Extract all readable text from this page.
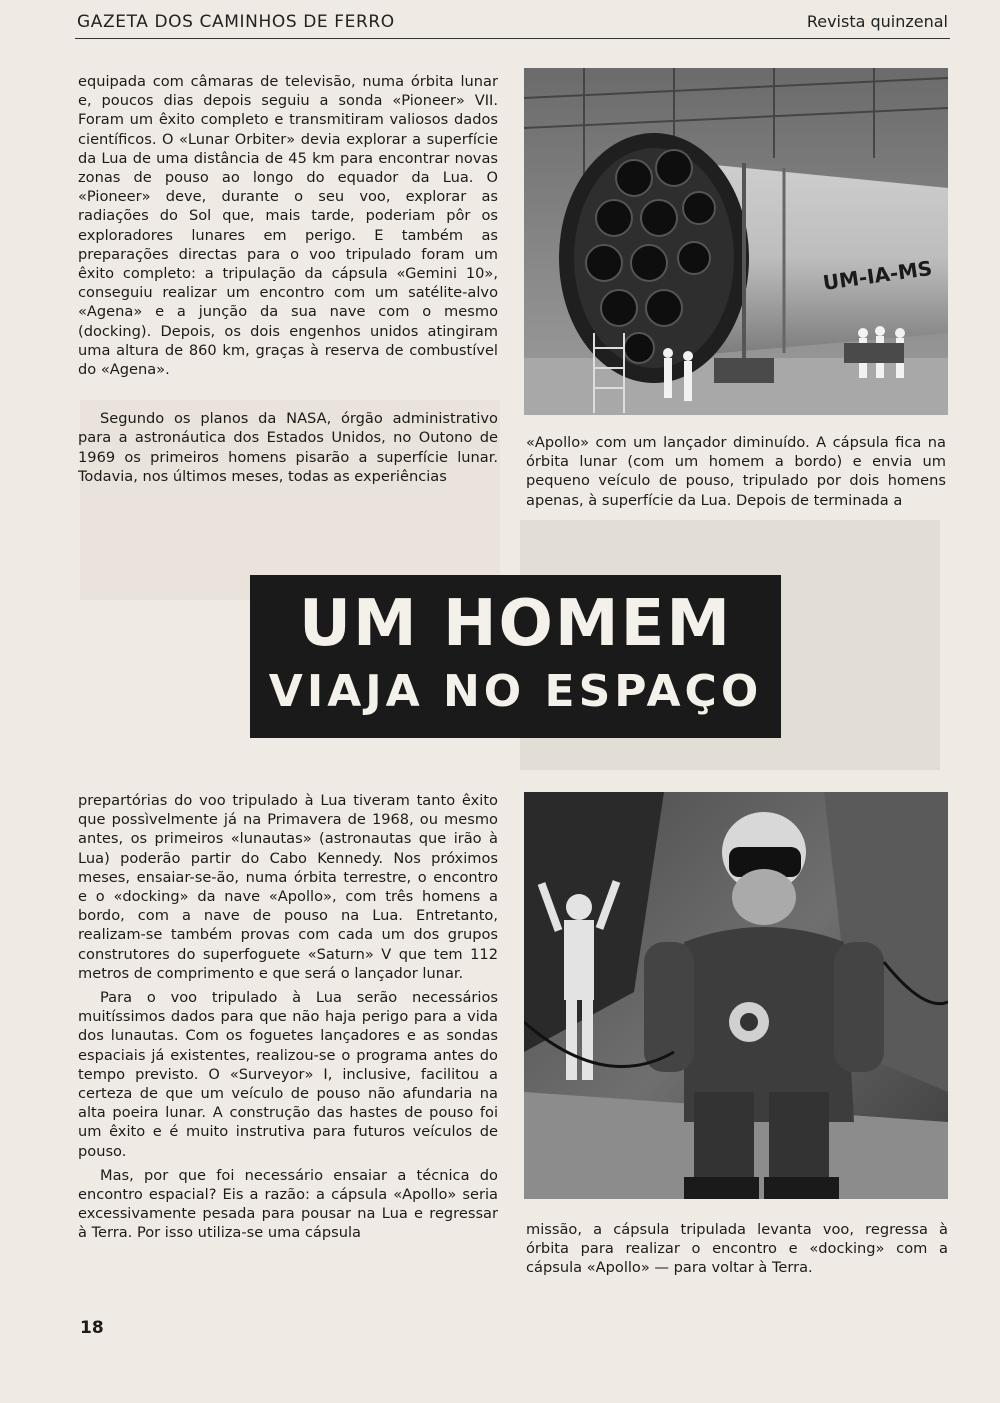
GAZETA DOS CAMINHOS DE FERRO	Revista quinzenal

equipada com câmaras de televisão, numa órbita lunar e, poucos dias depois seguiu a sonda «Pioneer» VII. Foram um êxito completo e transmitiram valiosos dados científicos. O «Lunar Orbiter» devia explorar a superfície da Lua de uma distância de 45 km para encontrar novas zonas de pouso ao longo do equador da Lua. O «Pioneer» deve, durante o seu voo, explorar as radiações do Sol que, mais tarde, poderiam pôr os exploradores lunares em perigo. E também as preparações directas para o voo tripulado foram um êxito completo: a tripulação da cápsula «Gemini 10», conseguiu realizar um encontro com um satélite-alvo «Agena» e a junção da sua nave com o mesmo (docking). Depois, os dois engenhos unidos atingiram uma altura de 860 km, graças à reserva de combustível do «Agena».

Segundo os planos da NASA, órgão administrativo para a astronáutica dos Estados Unidos, no Outono de 1969 os primeiros homens pisarão a superfície lunar. Todavia, nos últimos meses, todas as experiências

UM-IA-MS

«Apollo» com um lançador diminuído. A cápsula fica na órbita lunar (com um homem a bordo) e envia um pequeno veículo de pouso, tripulado por dois homens apenas, à superfície da Lua. Depois de terminada a

UM HOMEM
VIAJA NO ESPAÇO

prepartórias do voo tripulado à Lua tiveram tanto êxito que possìvelmente já na Primavera de 1968, ou mesmo antes, os primeiros «lunautas» (astronautas que irão à Lua) poderão partir do Cabo Kennedy. Nos próximos meses, ensaiar-se-ão, numa órbita terrestre, o encontro e o «docking» da nave «Apollo», com três homens a bordo, com a nave de pouso na Lua. Entretanto, realizam-se também provas com cada um dos grupos construtores do superfoguete «Saturn» V que tem 112 metros de comprimento e que será o lançador lunar.

Para o voo tripulado à Lua serão necessários muitíssimos dados para que não haja perigo para a vida dos lunautas. Com os foguetes lançadores e as sondas espaciais já existentes, realizou-se o programa antes do tempo previsto. O «Surveyor» I, inclusive, facilitou a certeza de que um veículo de pouso não afundaria na alta poeira lunar. A construção das hastes de pouso foi um êxito e é muito instrutiva para futuros veículos de pouso.

Mas, por que foi necessário ensaiar a técnica do encontro espacial? Eis a razão: a cápsula «Apollo» seria excessivamente pesada para pousar na Lua e regressar à Terra. Por isso utiliza-se uma cápsula	missão, a cápsula tripulada levanta voo, regressa à órbita para realizar o encontro e «docking» com a cápsula «Apollo» — para voltar à Terra.

18
